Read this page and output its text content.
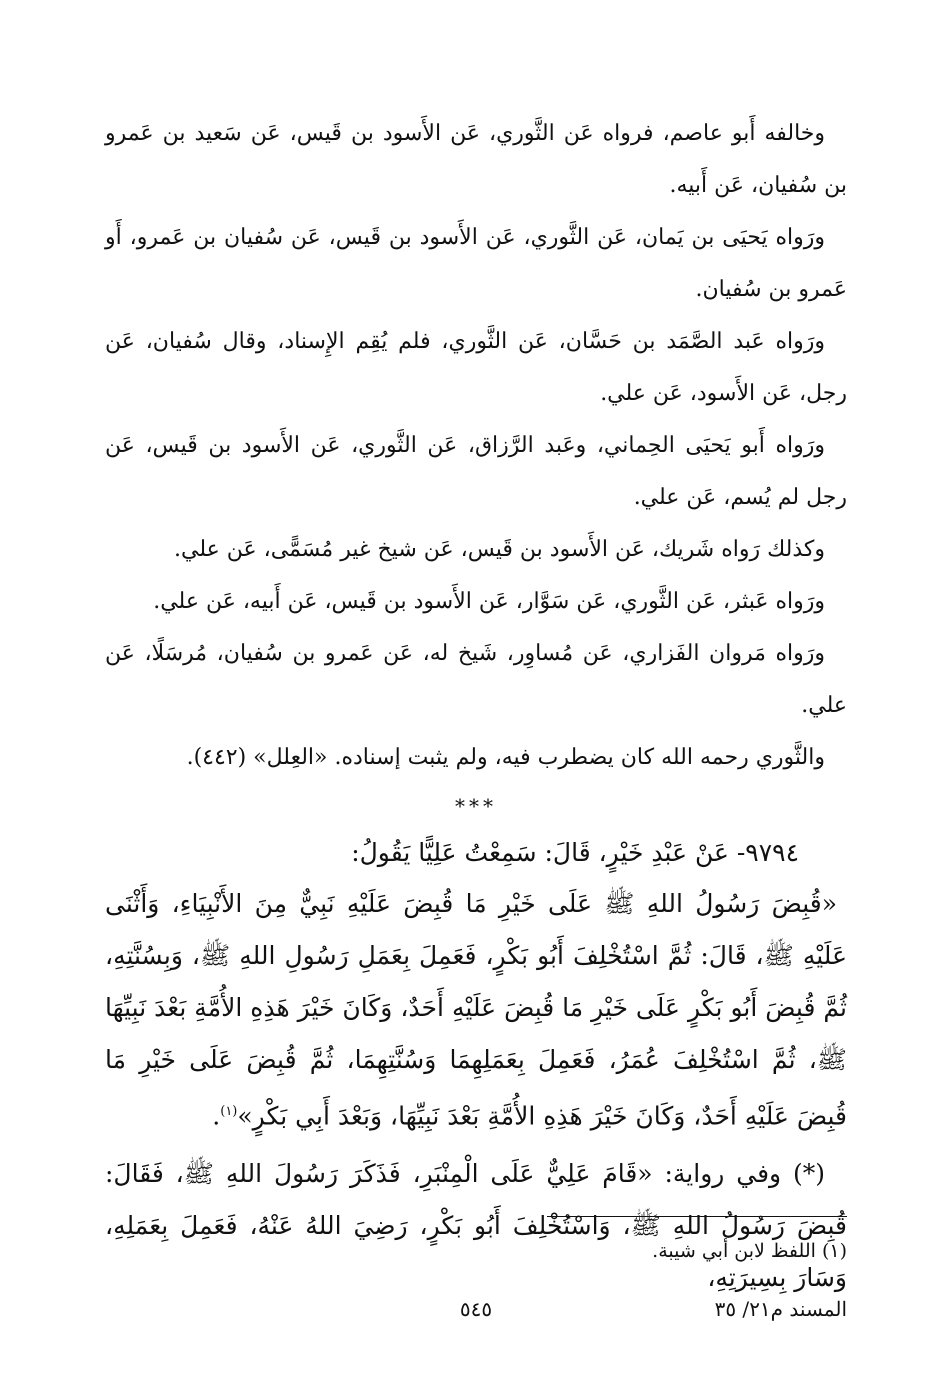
وخالفه أَبو عاصم، فرواه عَن الثَّوري، عَن الأَسود بن قَيس، عَن سَعيد بن عَمرو بن سُفيان، عَن أَبيه.

ورَواه يَحيَى بن يَمان، عَن الثَّوري، عَن الأَسود بن قَيس، عَن سُفيان بن عَمرو، أَو عَمرو بن سُفيان.

ورَواه عَبد الصَّمَد بن حَسَّان، عَن الثَّوري، فلم يُقِم الإِسناد، وقال سُفيان، عَن رجل، عَن الأَسود، عَن علي.

ورَواه أَبو يَحيَى الحِماني، وعَبد الرَّزاق، عَن الثَّوري، عَن الأَسود بن قَيس، عَن رجل لم يُسم، عَن علي.

وكذلك رَواه شَريك، عَن الأَسود بن قَيس، عَن شيخ غير مُسَمًّى، عَن علي.

ورَواه عَبثر، عَن الثَّوري، عَن سَوَّار، عَن الأَسود بن قَيس، عَن أَبيه، عَن علي.

ورَواه مَروان الفَزاري، عَن مُساوِر، شَيخ له، عَن عَمرو بن سُفيان، مُرسَلًا، عَن علي.

والثَّوري رحمه الله كان يضطرب فيه، ولم يثبت إسناده. «العِلل» (٤٤٢).

***

٩٧٩٤- عَنْ عَبْدِ خَيْرٍ، قَالَ: سَمِعْتُ عَلِيًّا يَقُولُ:

«قُبِضَ رَسُولُ اللهِ ﷺ عَلَى خَيْرِ مَا قُبِضَ عَلَيْهِ نَبِيٌّ مِنَ الأَنْبِيَاءِ، وَأَثْنَى عَلَيْهِ ﷺ، قَالَ: ثُمَّ اسْتُخْلِفَ أَبُو بَكْرٍ، فَعَمِلَ بِعَمَلِ رَسُولِ اللهِ ﷺ، وَبِسُنَّتِهِ، ثُمَّ قُبِضَ أَبُو بَكْرٍ عَلَى خَيْرِ مَا قُبِضَ عَلَيْهِ أَحَدٌ، وَكَانَ خَيْرَ هَذِهِ الأُمَّةِ بَعْدَ نَبِيِّهَا ﷺ، ثُمَّ اسْتُخْلِفَ عُمَرُ، فَعَمِلَ بِعَمَلِهِمَا وَسُنَّتِهِمَا، ثُمَّ قُبِضَ عَلَى خَيْرِ مَا قُبِضَ عَلَيْهِ أَحَدٌ، وَكَانَ خَيْرَ هَذِهِ الأُمَّةِ بَعْدَ نَبِيِّهَا، وَبَعْدَ أَبِي بَكْرٍ»$^{(١)}$.

(*) وفي رواية: «قَامَ عَلِيٌّ عَلَى الْمِنْبَرِ، فَذَكَرَ رَسُولَ اللهِ ﷺ، فَقَالَ: قُبِضَ رَسُولُ اللهِ ﷺ، وَاسْتُخْلِفَ أَبُو بَكْرٍ، رَضِيَ اللهُ عَنْهُ، فَعَمِلَ بِعَمَلِهِ، وَسَارَ بِسِيرَتِهِ،

(١) اللفظ لابن أبي شيبة.

المسند م٢١/ ٣٥
٥٤٥
